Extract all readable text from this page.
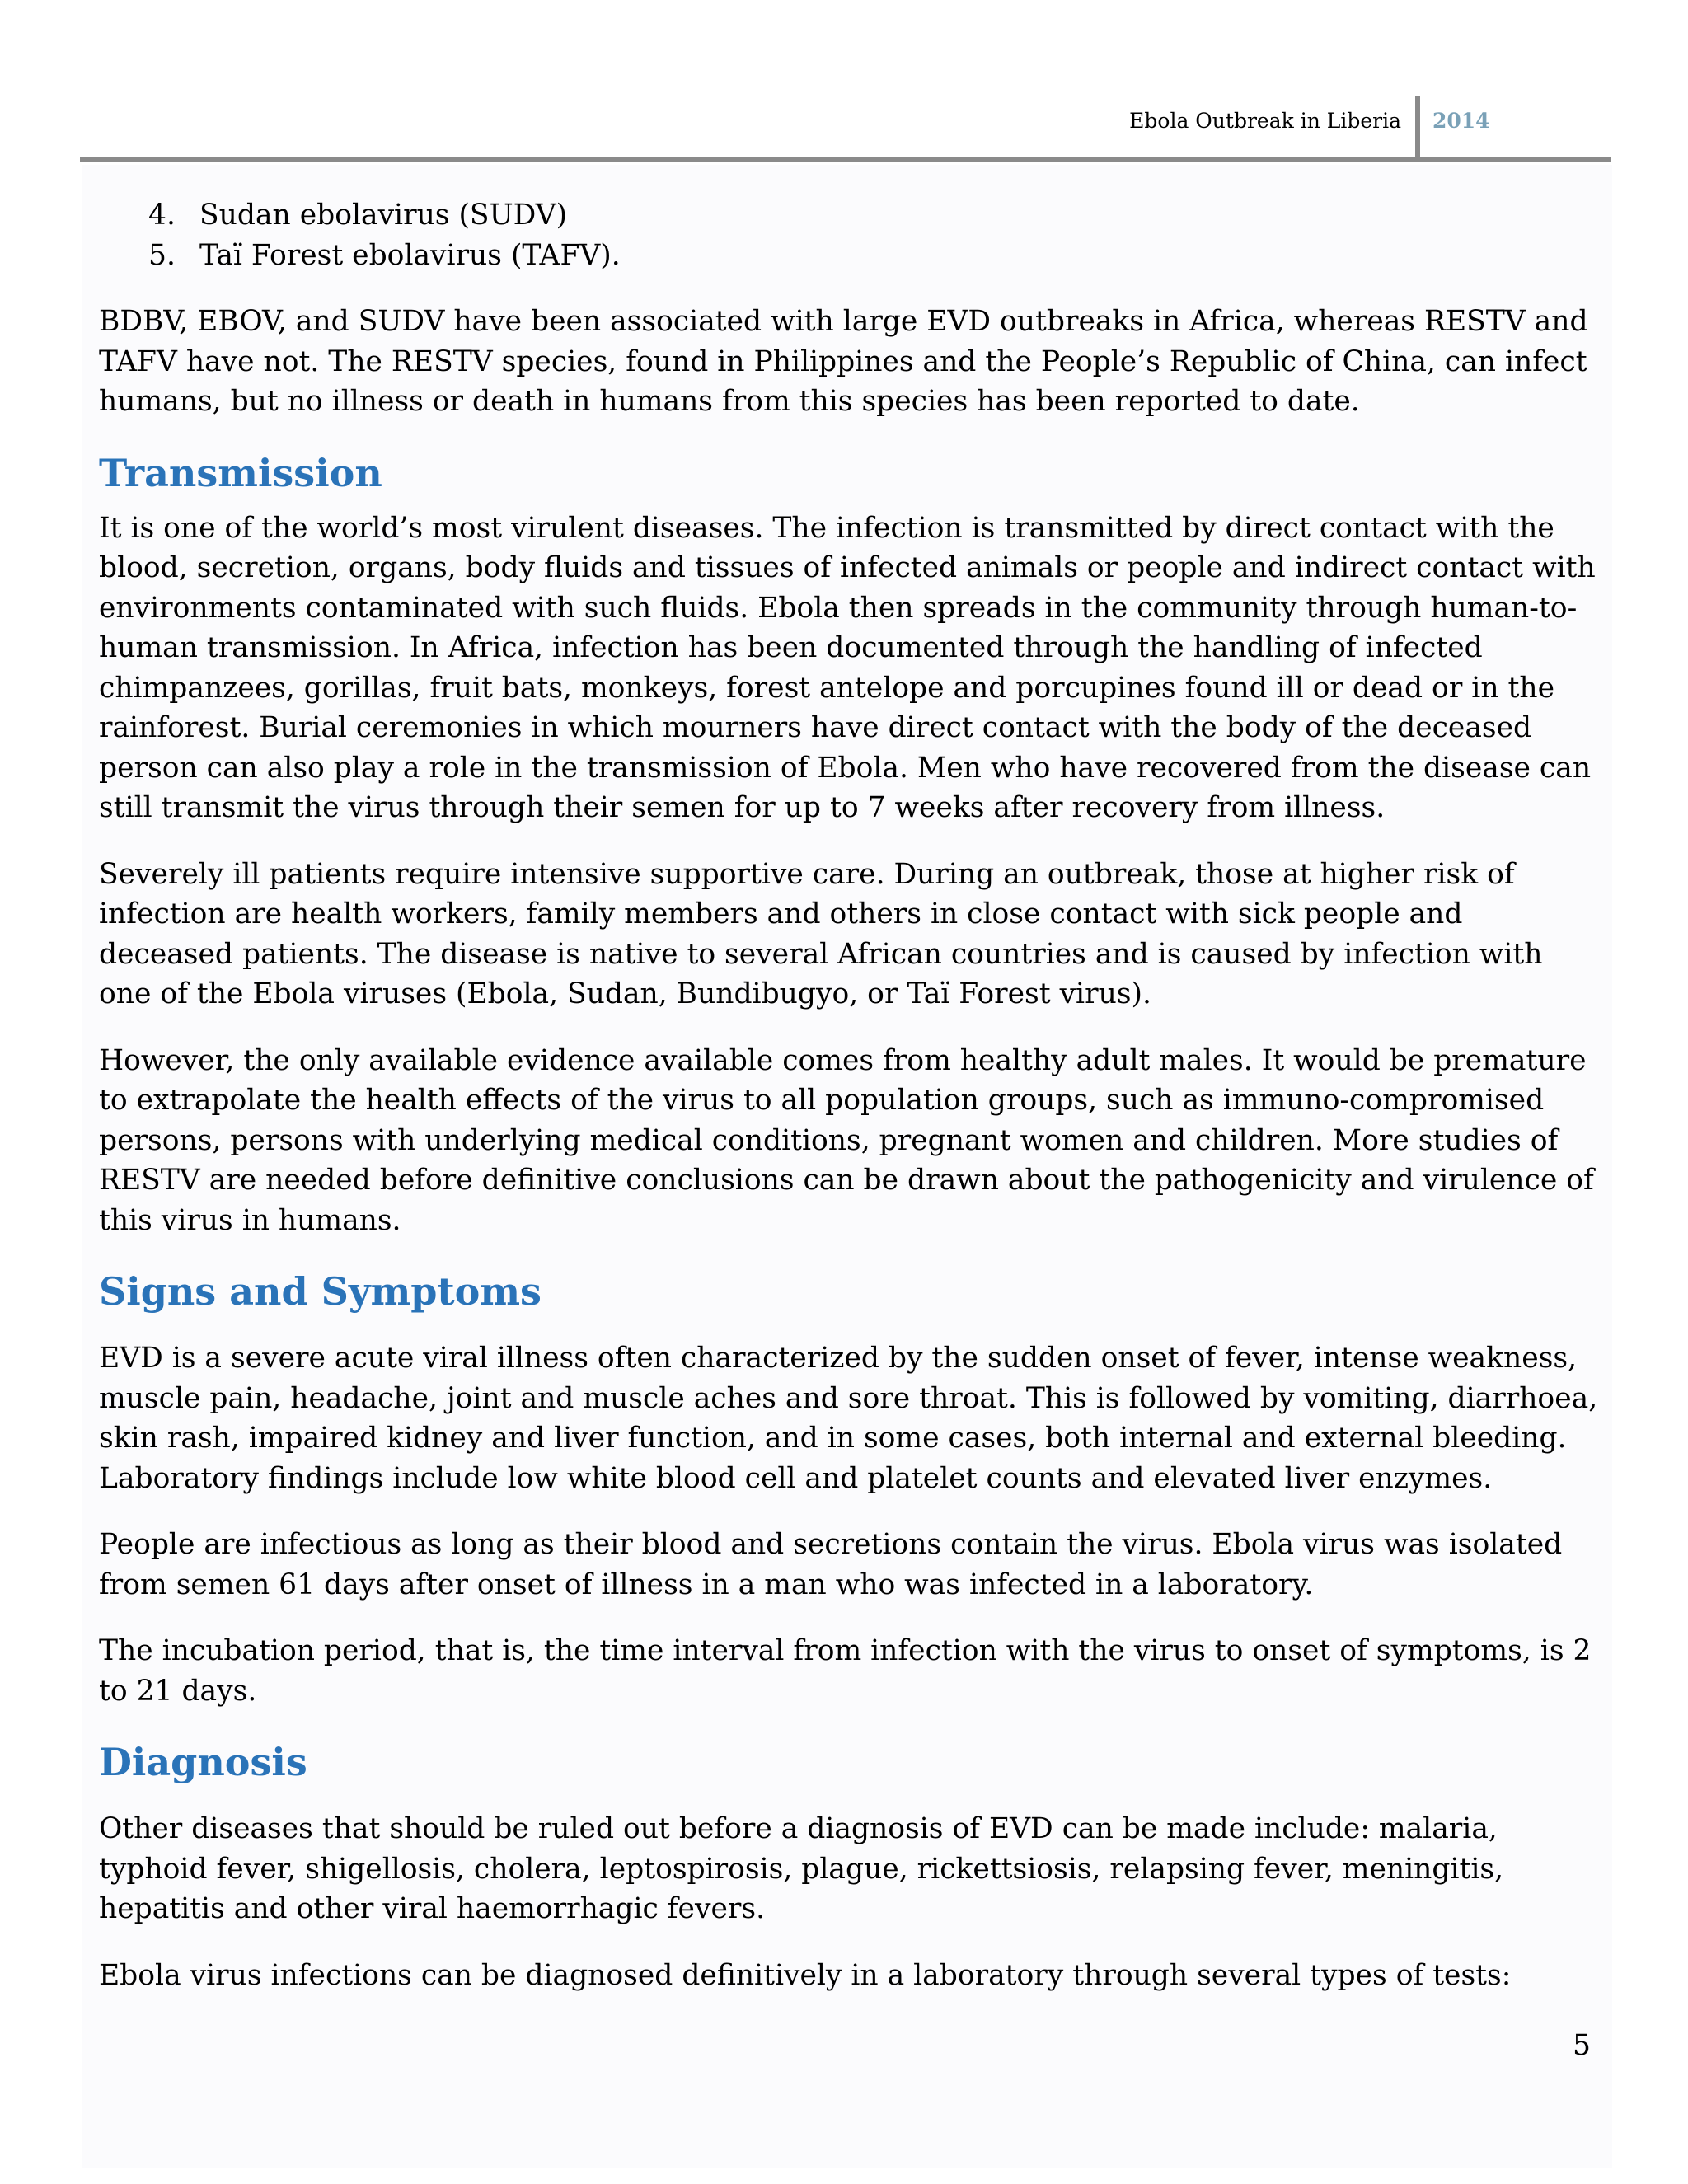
Ebola Outbreak in Liberia 2014
4. Sudan ebolavirus (SUDV)
5. Taï Forest ebolavirus (TAFV).

BDBV, EBOV, and SUDV have been associated with large EVD outbreaks in Africa, whereas RESTV and TAFV have not. The RESTV species, found in Philippines and the People’s Republic of China, can infect humans, but no illness or death in humans from this species has been reported to date.

Transmission

It is one of the world’s most virulent diseases. The infection is transmitted by direct contact with the blood, secretion, organs, body fluids and tissues of infected animals or people and indirect contact with environments contaminated with such fluids. Ebola then spreads in the community through human-to-human transmission. In Africa, infection has been documented through the handling of infected chimpanzees, gorillas, fruit bats, monkeys, forest antelope and porcupines found ill or dead or in the rainforest. Burial ceremonies in which mourners have direct contact with the body of the deceased person can also play a role in the transmission of Ebola. Men who have recovered from the disease can still transmit the virus through their semen for up to 7 weeks after recovery from illness.

Severely ill patients require intensive supportive care. During an outbreak, those at higher risk of infection are health workers, family members and others in close contact with sick people and deceased patients. The disease is native to several African countries and is caused by infection with one of the Ebola viruses (Ebola, Sudan, Bundibugyo, or Taï Forest virus).

However, the only available evidence available comes from healthy adult males. It would be premature to extrapolate the health effects of the virus to all population groups, such as immuno-compromised persons, persons with underlying medical conditions, pregnant women and children. More studies of RESTV are needed before definitive conclusions can be drawn about the pathogenicity and virulence of this virus in humans.

Signs and Symptoms

EVD is a severe acute viral illness often characterized by the sudden onset of fever, intense weakness, muscle pain, headache, joint and muscle aches and sore throat. This is followed by vomiting, diarrhoea, skin rash, impaired kidney and liver function, and in some cases, both internal and external bleeding. Laboratory findings include low white blood cell and platelet counts and elevated liver enzymes.

People are infectious as long as their blood and secretions contain the virus. Ebola virus was isolated from semen 61 days after onset of illness in a man who was infected in a laboratory.

The incubation period, that is, the time interval from infection with the virus to onset of symptoms, is 2 to 21 days.

Diagnosis

Other diseases that should be ruled out before a diagnosis of EVD can be made include: malaria, typhoid fever, shigellosis, cholera, leptospirosis, plague, rickettsiosis, relapsing fever, meningitis, hepatitis and other viral haemorrhagic fevers.

Ebola virus infections can be diagnosed definitively in a laboratory through several types of tests:

5
